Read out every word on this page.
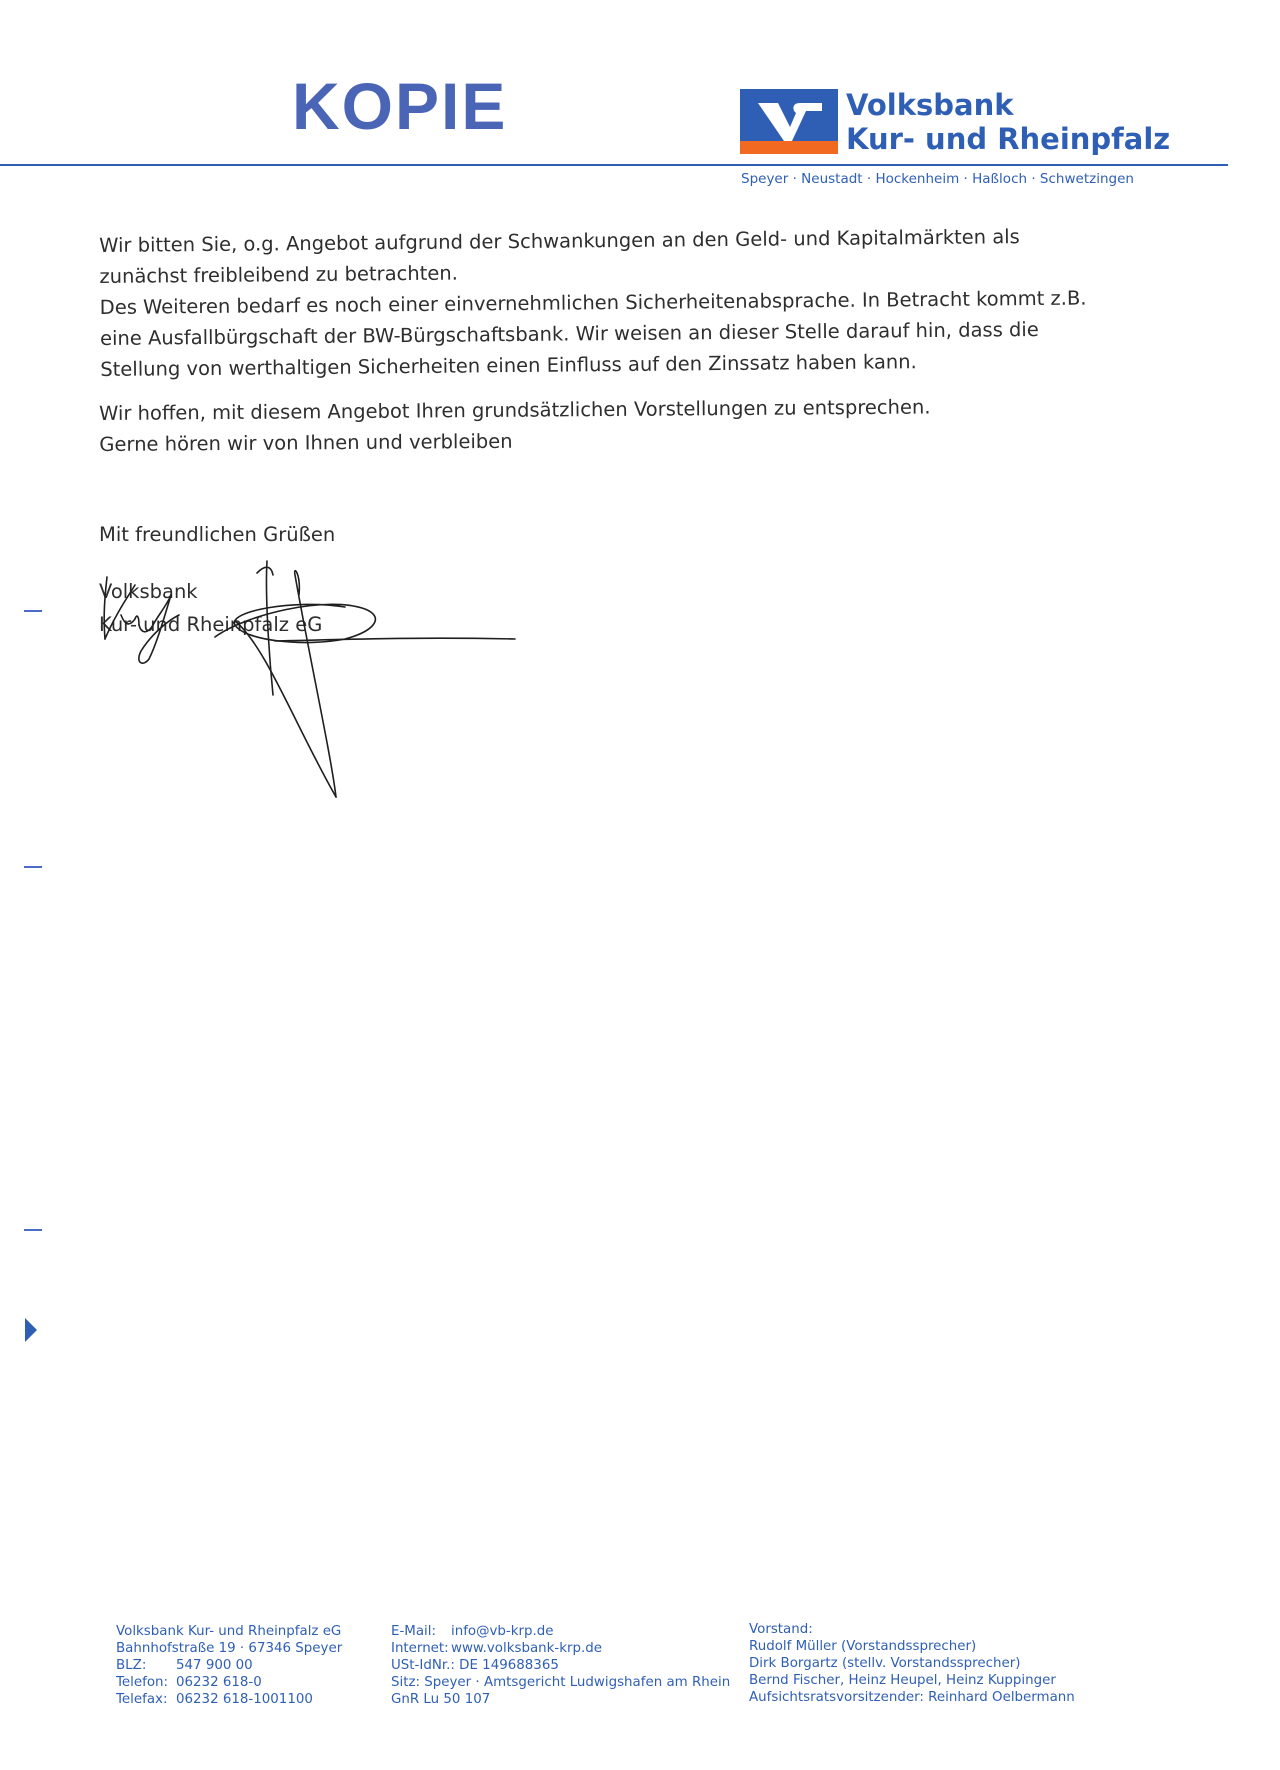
KOPIE	Volksbank
Kur- und Rheinpfalz
Speyer · Neustadt · Hockenheim · Haßloch · Schwetzingen
Wir bitten Sie, o.g. Angebot aufgrund der Schwankungen an den Geld- und Kapitalmärkten als
zunächst freibleibend zu betrachten.
Des Weiteren bedarf es noch einer einvernehmlichen Sicherheitenabsprache. In Betracht kommt z.B.
eine Ausfallbürgschaft der BW-Bürgschaftsbank. Wir weisen an dieser Stelle darauf hin, dass die
Stellung von werthaltigen Sicherheiten einen Einfluss auf den Zinssatz haben kann.
Wir hoffen, mit diesem Angebot Ihren grundsätzlichen Vorstellungen zu entsprechen.
Gerne hören wir von Ihnen und verbleiben
Mit freundlichen Grüßen
Volksbank
Kur- und Rheinpfalz eG
Volksbank Kur- und Rheinpfalz eG
Bahnhofstraße 19 · 67346 Speyer
BLZ: 547 900 00
Telefon: 06232 618-0
Telefax: 06232 618-1001100
E-Mail: info@vb-krp.de
Internet: www.volksbank-krp.de
USt-IdNr.: DE 149688365
Sitz: Speyer · Amtsgericht Ludwigshafen am Rhein
GnR Lu 50 107
Vorstand:
Rudolf Müller (Vorstandssprecher)
Dirk Borgartz (stellv. Vorstandssprecher)
Bernd Fischer, Heinz Heupel, Heinz Kuppinger
Aufsichtsratsvorsitzender: Reinhard Oelbermann
